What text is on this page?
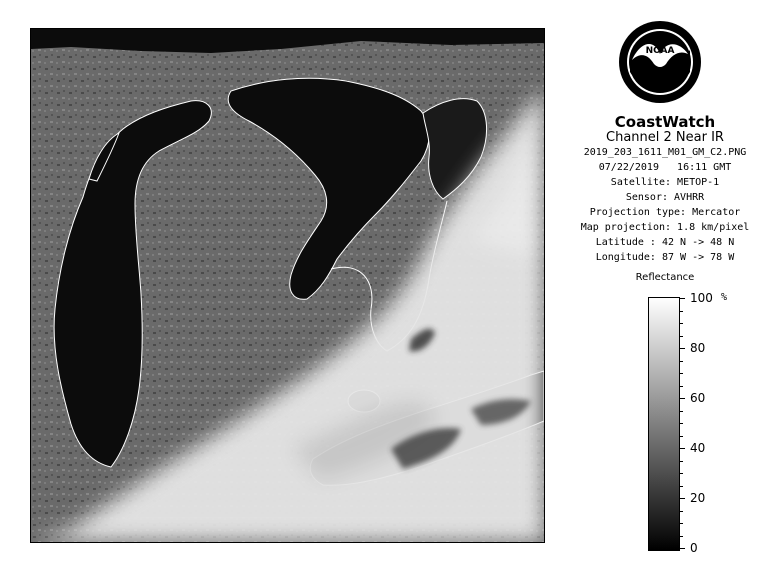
NOAA
CoastWatch
Channel 2 Near IR
2019_203_1611_M01_GM_C2.PNG
07/22/2019 16:11 GMT
Satellite: METOP-1
Sensor: AVHRR
Projection type: Mercator
Map projection: 1.8 km/pixel
Latitude : 42 N -> 48 N
Longitude: 87 W -> 78 W
Reflectance
%
100
80
60
40
20
0
